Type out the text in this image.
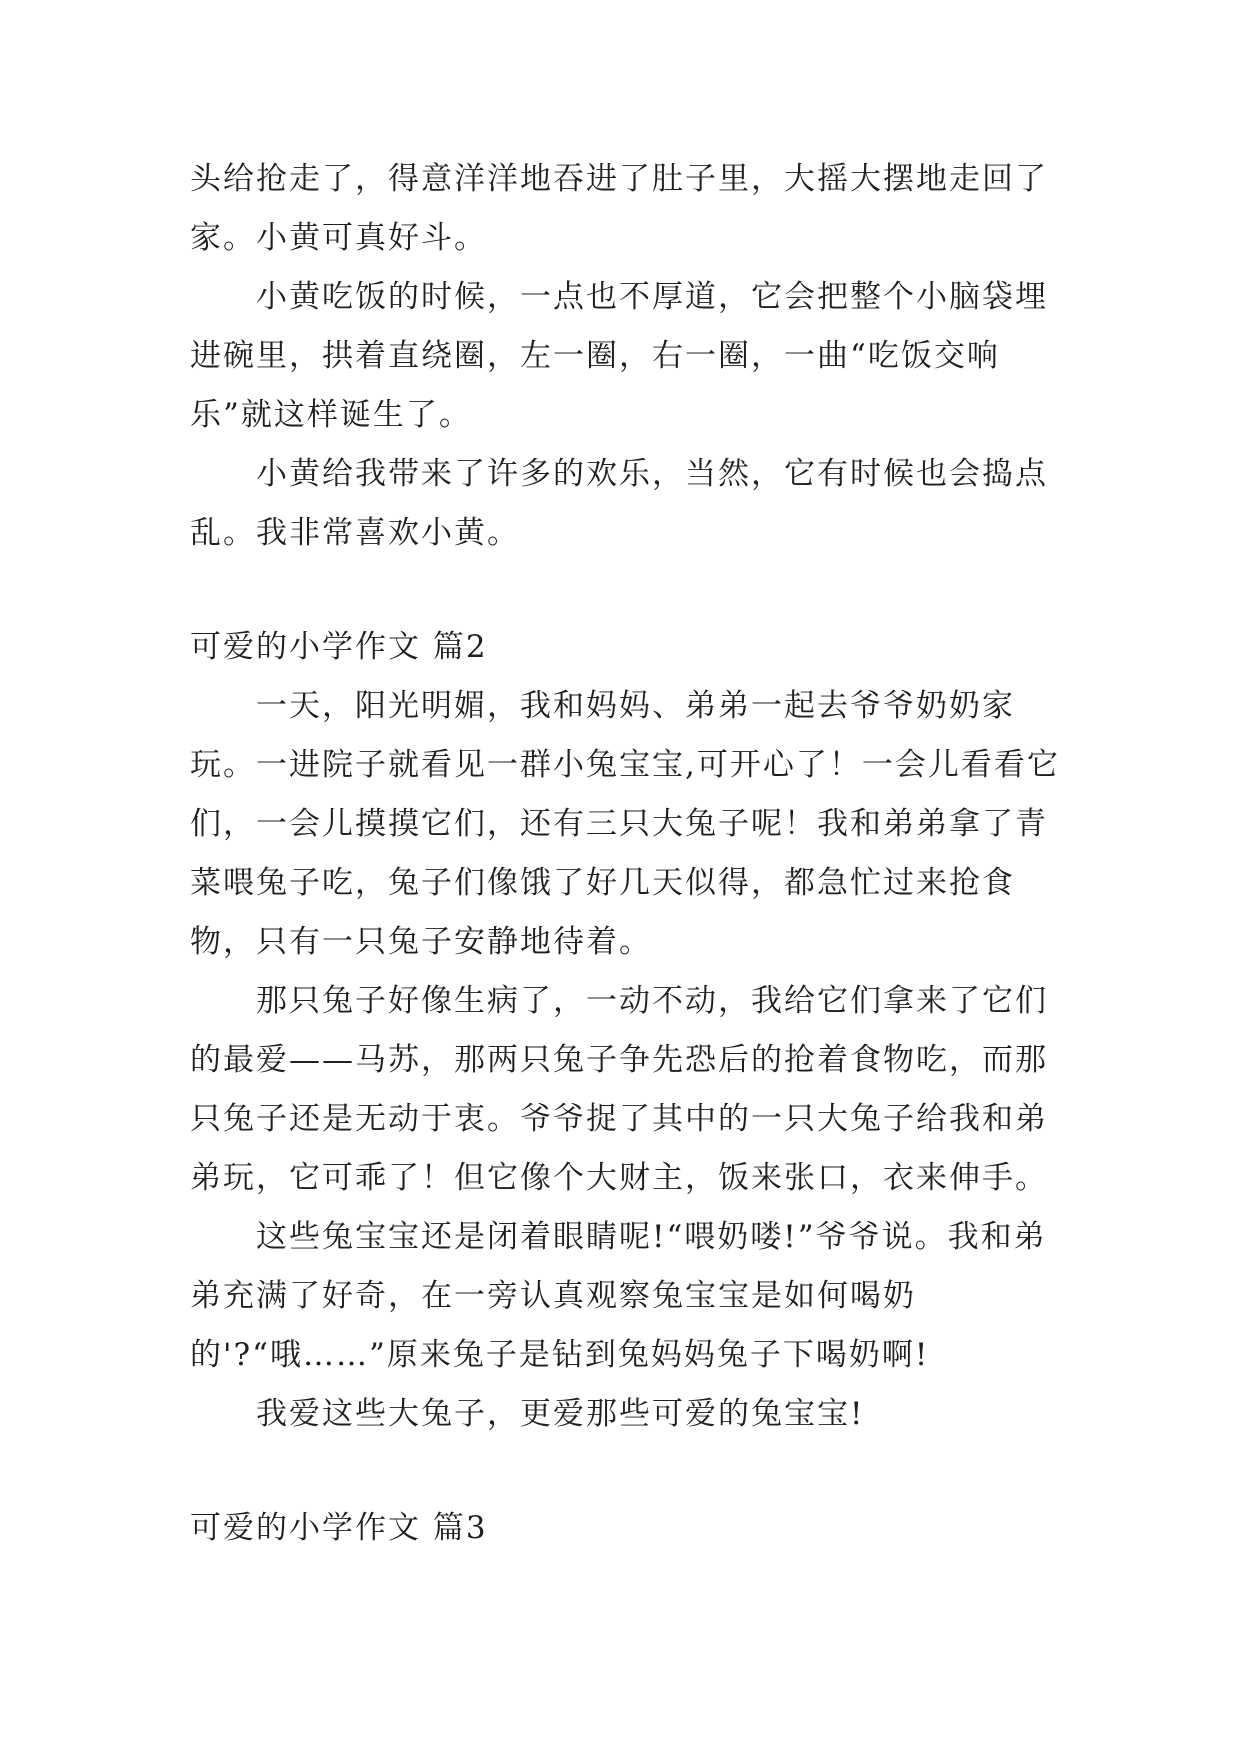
头给抢走了，得意洋洋地吞进了肚子里，大摇大摆地走回了家。小黄可真好斗。

小黄吃饭的时候，一点也不厚道，它会把整个小脑袋埋进碗里，拱着直绕圈，左一圈，右一圈，一曲“吃饭交响乐”就这样诞生了。

小黄给我带来了许多的欢乐，当然，它有时候也会捣点乱。我非常喜欢小黄。

可爱的小学作文 篇2

一天，阳光明媚，我和妈妈、弟弟一起去爷爷奶奶家玩。一进院子就看见一群小兔宝宝,可开心了！一会儿看看它们，一会儿摸摸它们，还有三只大兔子呢！我和弟弟拿了青菜喂兔子吃，兔子们像饿了好几天似得，都急忙过来抢食物，只有一只兔子安静地待着。

那只兔子好像生病了，一动不动，我给它们拿来了它们的最爱——马苏，那两只兔子争先恐后的抢着食物吃，而那只兔子还是无动于衷。爷爷捉了其中的一只大兔子给我和弟弟玩，它可乖了！但它像个大财主，饭来张口，衣来伸手。

这些兔宝宝还是闭着眼睛呢!“喂奶喽!”爷爷说。我和弟弟充满了好奇，在一旁认真观察兔宝宝是如何喝奶的'?“哦……”原来兔子是钻到兔妈妈兔子下喝奶啊!

我爱这些大兔子，更爱那些可爱的兔宝宝!

可爱的小学作文 篇3
